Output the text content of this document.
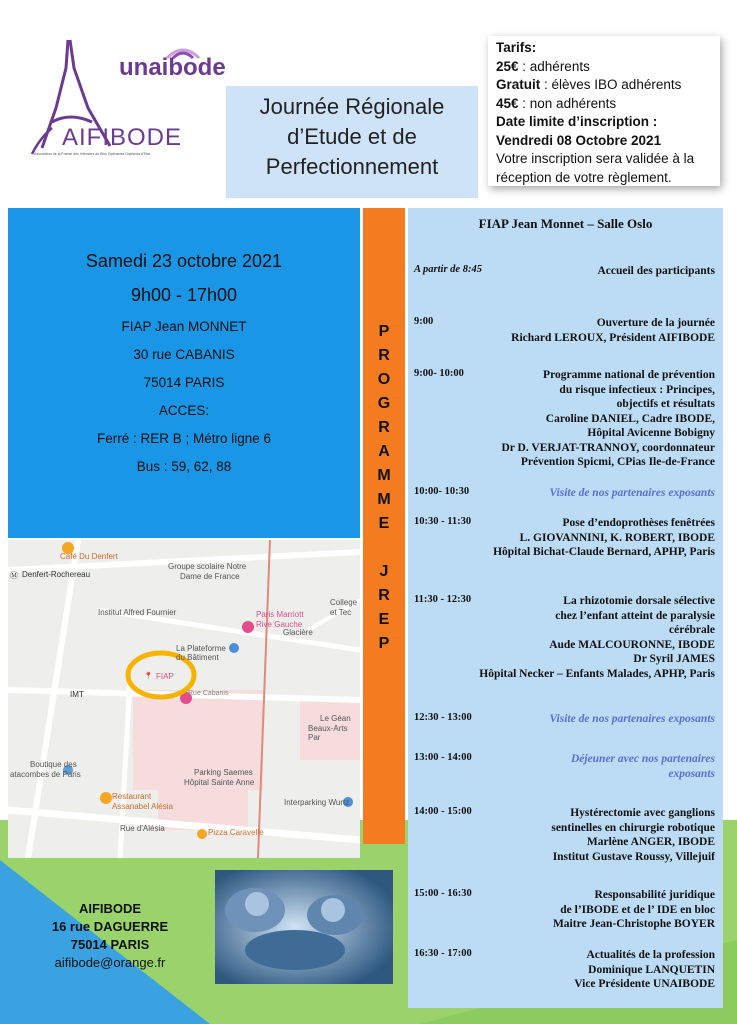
AIFIBODE
Association de la France des Infirmiers de Bloc Opératoire Diplômés d'Etat
unaibode
Journée Régionale
d’Etude et de
Perfectionnement
Tarifs:
25€ : adhérents
Gratuit : élèves IBO adhérents
45€ : non adhérents
Date limite d’inscription :
Vendredi 08 Octobre 2021
Votre inscription sera validée à la
réception de votre règlement.
Samedi 23 octobre 2021
9h00 - 17h00
FIAP Jean MONNET
30 rue CABANIS
75014 PARIS
ACCES:
Ferré : RER B ; Métro ligne 6
Bus : 59, 62, 88
Café Du Denfert
Ⓜ Denfert-Rochereau
Groupe scolaire Notre
Dame de France
Institut Alfred Fournier	Paris Marriott
Rive Gauche
La Plateforme du Bâtiment
Glacière
📍 FIAP
IMT	Rue Cabanis
Boutique des
atacombes de Paris	Parking Saemes
Hôpital Sainte Anne
Restaurant
Assanabel Alésia	Interparking Wurtz
Rue d'Alésia	Pizza Caravelle
Le Géan
Beaux-Arts Par
College
et Tec
P
R
O
G
R
A
M
M
E
J
R
E
P
FIAP Jean Monnet – Salle Oslo
A partir de 8:45	Accueil des participants
9:00	Ouverture de la journée
Richard LEROUX, Président AIFIBODE
9:00- 10:00	Programme national de prévention
du risque infectieux : Principes,
objectifs et résultats
Caroline DANIEL, Cadre IBODE,
Hôpital Avicenne Bobigny
Dr D. VERJAT-TRANNOY, coordonnateur
Prévention Spicmi, CPias Ile-de-France
10:00- 10:30	Visite de nos partenaires exposants
10:30 - 11:30	Pose d’endoprothèses fenêtrées
L. GIOVANNINI, K. ROBERT, IBODE
Hôpital Bichat-Claude Bernard, APHP, Paris
11:30 - 12:30	La rhizotomie dorsale sélective
chez l’enfant atteint de paralysie
cérébrale
Aude MALCOURONNE, IBODE
Dr Syril JAMES
Hôpital Necker – Enfants Malades, APHP, Paris
12:30 - 13:00	Visite de nos partenaires exposants
13:00 - 14:00	Déjeuner avec nos partenaires
exposants
14:00 - 15:00	Hystérectomie avec ganglions
sentinelles en chirurgie robotique
Marlène ANGER, IBODE
Institut Gustave Roussy, Villejuif
15:00 - 16:30	Responsabilité juridique
de l’IBODE et de l’ IDE en bloc
Maitre Jean-Christophe BOYER
16:30 - 17:00	Actualités de la profession
Dominique LANQUETIN
Vice Présidente UNAIBODE
AIFIBODE
16 rue DAGUERRE
75014 PARIS
aifibode@orange.fr
